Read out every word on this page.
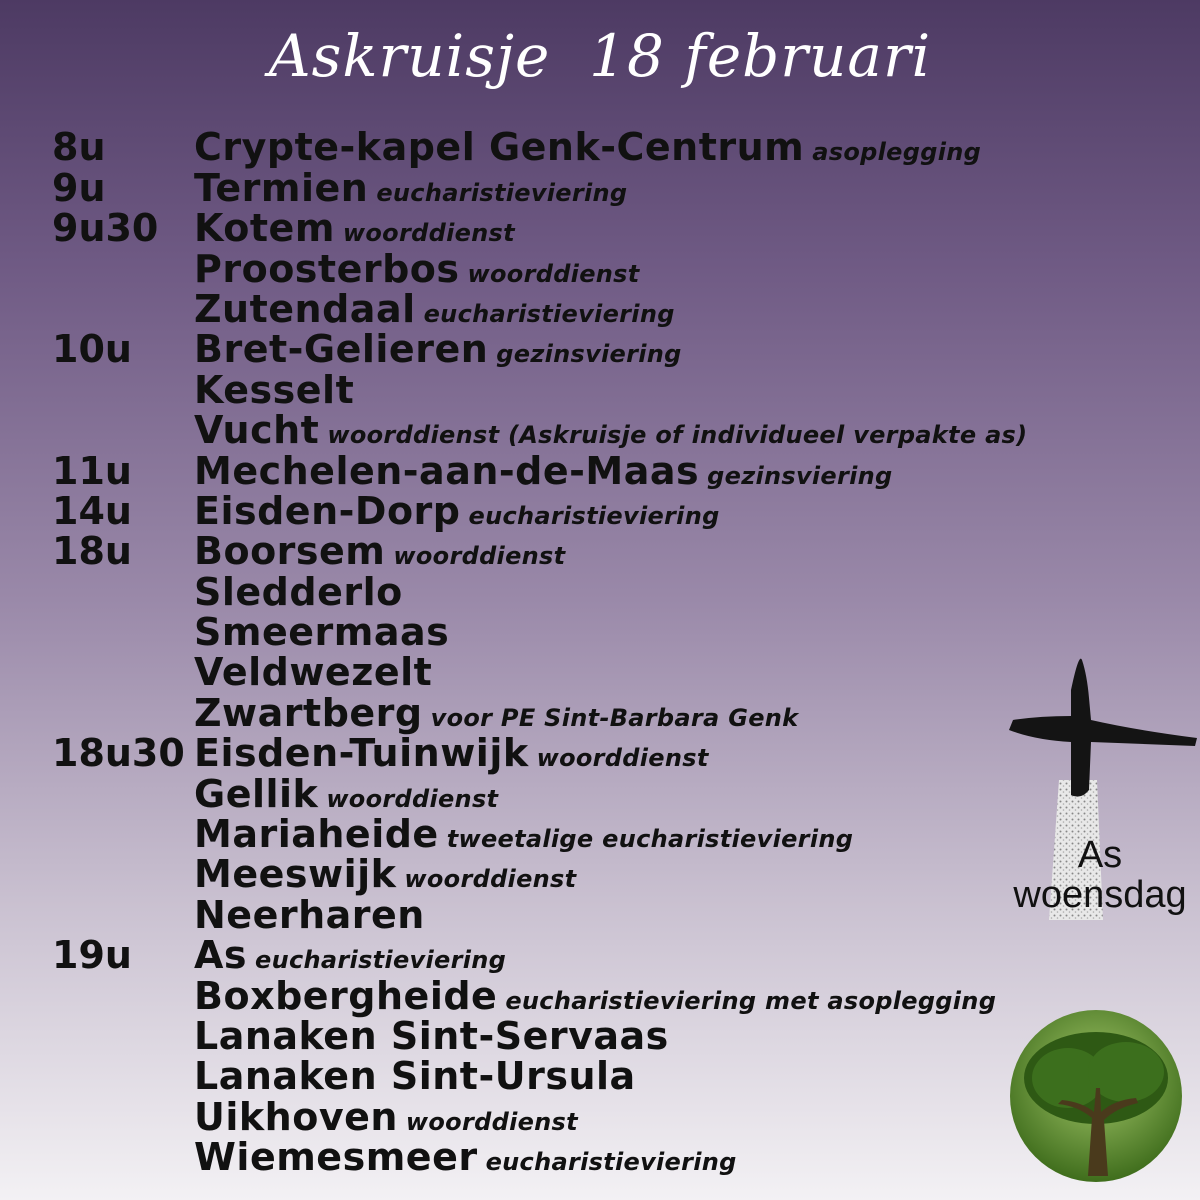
Askruisje  18 februari
8u Crypte-kapel Genk-Centrum asoplegging
9u Termien eucharistieviering
9u30 Kotem woorddienst
Proosterbos woorddienst
Zutendaal eucharistieviering
10u Bret-Gelieren gezinsviering
Kesselt
Vucht woorddienst (Askruisje of individueel verpakte as)
11u Mechelen-aan-de-Maas gezinsviering
14u Eisden-Dorp eucharistieviering
18u Boorsem woorddienst
Sledderlo
Smeermaas
Veldwezelt
Zwartberg voor PE Sint-Barbara Genk
18u30 Eisden-Tuinwijk woorddienst
Gellik woorddienst
Mariaheide tweetalige eucharistieviering
Meeswijk woorddienst
Neerharen
19u As eucharistieviering
Boxbergheide eucharistieviering met asoplegging
Lanaken Sint-Servaas
Lanaken Sint-Ursula
Uikhoven woorddienst
Wiemesmeer eucharistieviering
As
woensdag
